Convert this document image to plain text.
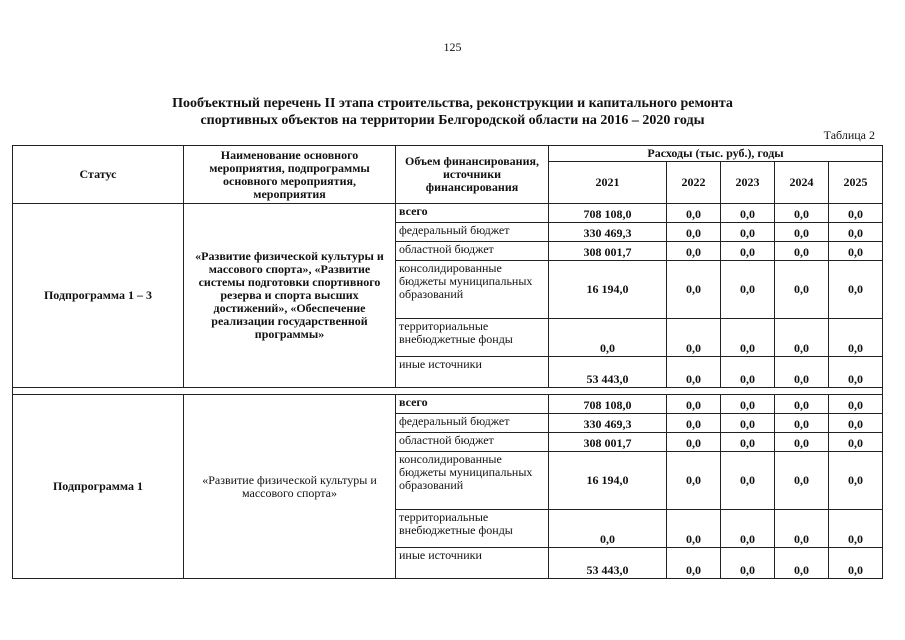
125
Пообъектный перечень II этапа строительства, реконструкции и капитального ремонта
спортивных объектов на территории Белгородской области на 2016 – 2020 годы
Таблица 2
Статус	Наименование основного мероприятия, подпрограммы основного мероприятия, мероприятия	Объем финансирования, источники финансирования	Расходы (тыс. руб.), годы				
			2021	2022	2023	2024	2025
Подпрограмма 1 – 3	«Развитие физической культуры и массового спорта», «Развитие системы подготовки спортивного резерва и спорта высших достижений», «Обеспечение реализации государственной программы»	всего	708 108,0	0,0	0,0	0,0	0,0
		федеральный бюджет	330 469,3	0,0	0,0	0,0	0,0
		областной бюджет	308 001,7	0,0	0,0	0,0	0,0
		консолидированные бюджеты муниципальных образований	16 194,0	0,0	0,0	0,0	0,0
		территориальные внебюджетные фонды	0,0	0,0	0,0	0,0	0,0
		иные источники	53 443,0	0,0	0,0	0,0	0,0

Подпрограмма 1	«Развитие физической культуры и массового спорта»	всего	708 108,0	0,0	0,0	0,0	0,0
		федеральный бюджет	330 469,3	0,0	0,0	0,0	0,0
		областной бюджет	308 001,7	0,0	0,0	0,0	0,0
		консолидированные бюджеты муниципальных образований	16 194,0	0,0	0,0	0,0	0,0
		территориальные внебюджетные фонды	0,0	0,0	0,0	0,0	0,0
		иные источники	53 443,0	0,0	0,0	0,0	0,0
